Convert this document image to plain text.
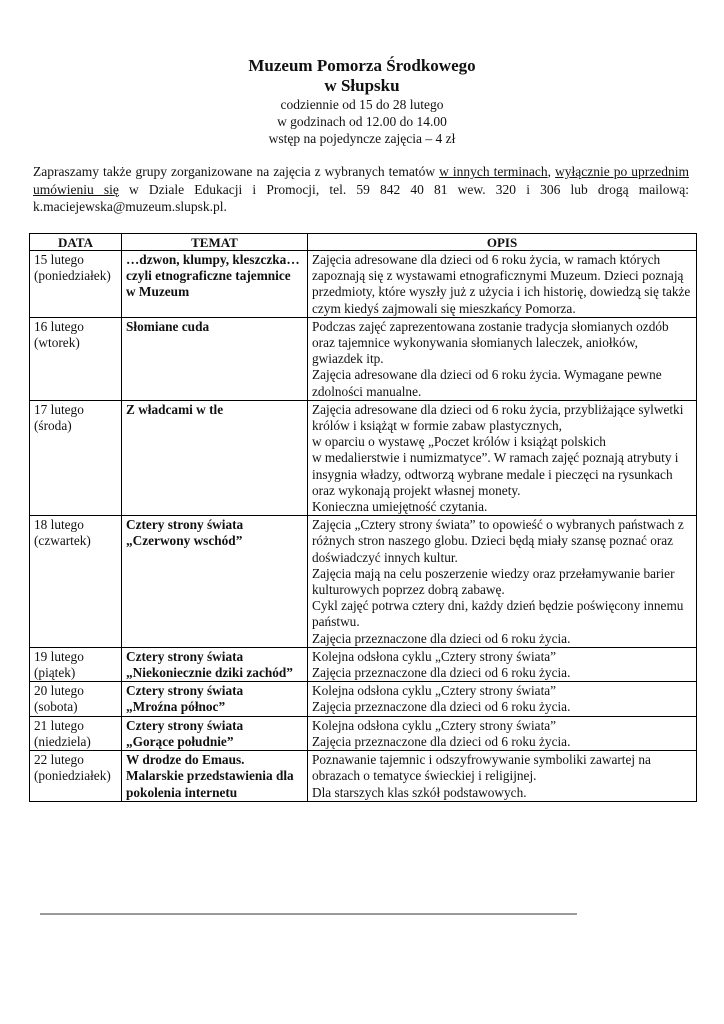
Muzeum Pomorza Środkowego
w Słupsku
codziennie od 15 do 28 lutego
w godzinach od 12.00 do 14.00
wstęp na pojedyncze zajęcia – 4 zł
Zapraszamy także grupy zorganizowane na zajęcia z wybranych tematów w innych terminach, wyłącznie po uprzednim umówieniu się w Dziale Edukacji i Promocji, tel. 59 842 40 81 wew. 320 i 306 lub drogą mailową: k.maciejewska@muzeum.slupsk.pl.
DATA	TEMAT	OPIS

15 lutego
(poniedziałek)	…dzwon, klumpy, kleszczka…czyli etnograficzne tajemnice w Muzeum	Zajęcia adresowane dla dzieci od 6 roku życia, w ramach których zapoznają się z wystawami etnograficznymi Muzeum. Dzieci poznają przedmioty, które wyszły już z użycia i ich historię, dowiedzą się także czym kiedyś zajmowali się mieszkańcy Pomorza.

16 lutego
(wtorek)	Słomiane cuda	Podczas zajęć zaprezentowana zostanie tradycja słomianych ozdób oraz tajemnice wykonywania słomianych laleczek, aniołków, gwiazdek itp.
Zajęcia adresowane dla dzieci od 6 roku życia. Wymagane pewne zdolności manualne.

17 lutego
(środa)	Z władcami w tle	Zajęcia adresowane dla dzieci od 6 roku życia, przybliżające sylwetki królów i książąt w formie zabaw plastycznych,
w oparciu o wystawę „Poczet królów i książąt polskich
w medalierstwie i numizmatyce”. W ramach zajęć poznają atrybuty i insygnia władzy, odtworzą wybrane medale i pieczęci na rysunkach oraz wykonają projekt własnej monety.
Konieczna umiejętność czytania.

18 lutego
(czwartek)	Cztery strony świata
„Czerwony wschód”	Zajęcia „Cztery strony świata” to opowieść o wybranych państwach z różnych stron naszego globu. Dzieci będą miały szansę poznać oraz doświadczyć innych kultur.
Zajęcia mają na celu poszerzenie wiedzy oraz przełamywanie barier kulturowych poprzez dobrą zabawę.
Cykl zajęć potrwa cztery dni, każdy dzień będzie poświęcony innemu państwu.
Zajęcia przeznaczone dla dzieci od 6 roku życia.

19 lutego
(piątek)	Cztery strony świata
„Niekoniecznie dziki zachód”	Kolejna odsłona cyklu „Cztery strony świata”
Zajęcia przeznaczone dla dzieci od 6 roku życia.

20 lutego
(sobota)	Cztery strony świata
„Mroźna północ”	Kolejna odsłona cyklu „Cztery strony świata”
Zajęcia przeznaczone dla dzieci od 6 roku życia.

21 lutego
(niedziela)	Cztery strony świata
„Gorące południe”	Kolejna odsłona cyklu „Cztery strony świata”
Zajęcia przeznaczone dla dzieci od 6 roku życia.

22 lutego
(poniedziałek)	W drodze do Emaus. Malarskie przedstawienia dla pokolenia internetu	Poznawanie tajemnic i odszyfrowywanie symboliki zawartej na obrazach o tematyce świeckiej i religijnej.
Dla starszych klas szkół podstawowych.
